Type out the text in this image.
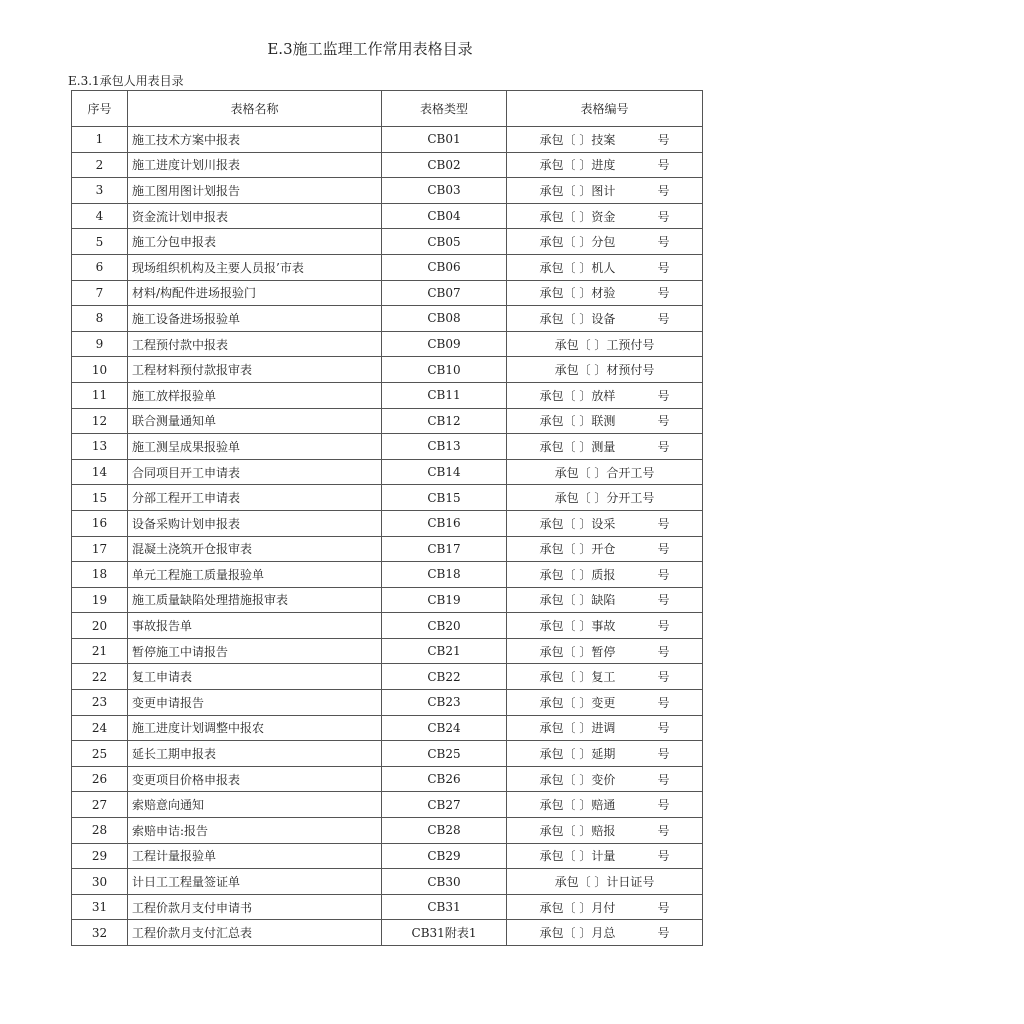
E.3施工监理工作常用表格目录
E.3.1承包人用表目录
序号	表格名称	表格类型	表格编号
1	施工技术方案中报表	CB01	承包〔 〕技案 号

2	施工进度计划川报表	CB02	承包〔 〕进度 号

3	施工图用图计划报告	CB03	承包〔 〕图计 号

4	资金流计划申报表	CB04	承包〔 〕资金 号

5	施工分包申报表	CB05	承包〔 〕分包 号

6	现场组织机构及主要人员报’市表	CB06	承包〔 〕机人 号

7	材料/构配件进场报验门	CB07	承包〔 〕材验 号

8	施工设备进场报验单	CB08	承包〔 〕设备 号

9	工程预付款中报表	CB09	承包〔 〕工预付号

10	工程材料预付款报审表	CB10	承包〔 〕材预付号

11	施工放样报验单	CB11	承包〔 〕放样 号

12	联合测量通知单	CB12	承包〔 〕联测 号

13	施工测呈成果报验单	CB13	承包〔 〕测量 号

14	合同项目开工申请表	CB14	承包〔 〕合开工号

15	分部工程开工申请表	CB15	承包〔 〕分开工号

16	设备采购计划申报表	CB16	承包〔 〕设采 号

17	混凝土浇筑开仓报审表	CB17	承包〔 〕开仓 号

18	单元工程施工质量报验单	CB18	承包〔 〕质报 号

19	施工质量缺陷处理措施报审表	CB19	承包〔 〕缺陷 号

20	事故报告单	CB20	承包〔 〕事故 号

21	暂停施工中请报告	CB21	承包〔 〕暂停 号

22	复工申请表	CB22	承包〔 〕复工 号

23	变更申请报告	CB23	承包〔 〕变更 号

24	施工进度计划调整中报农	CB24	承包〔 〕进调 号

25	延长工期申报表	CB25	承包〔 〕延期 号

26	变更项目价格申报表	CB26	承包〔 〕变价 号

27	索赔意向通知	CB27	承包〔 〕赔通 号

28	索赔申诘:报告	CB28	承包〔 〕赔报 号

29	工程计量报验单	CB29	承包〔 〕计量 号

30	计日工工程量签证单	CB30	承包〔 〕计日证号

31	工程价款月支付申请书	CB31	承包〔 〕月付 号

32	工程价款月支付汇总表	CB31附表1	承包〔 〕月总 号
